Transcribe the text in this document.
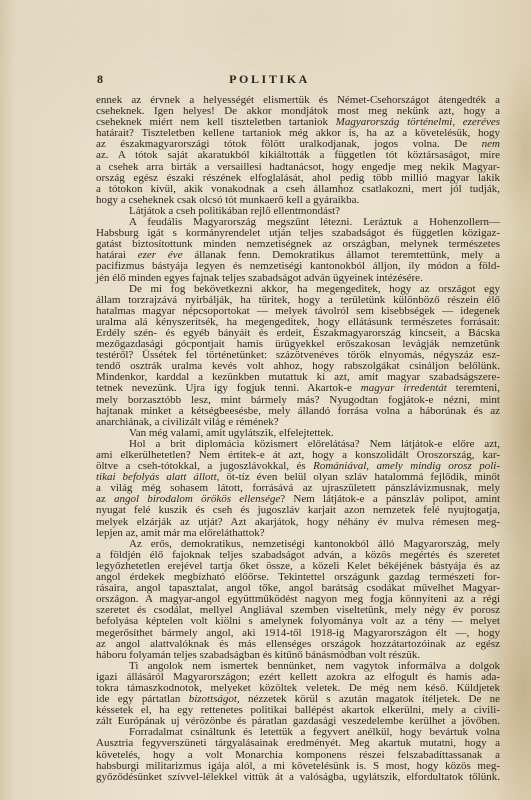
8	POLITIKA
ennek az érvnek a helyességét elismertük és Német-Csehországot átengedték a
cseheknek. Igen helyes! De akkor mondjátok most meg nekünk azt, hogy a
cseheknek miért nem kell tiszteletben tartaniok Magyarország történelmi, ezeréves
határait? Tiszteletben kellene tartaniok még akkor is, ha az a követelésük, hogy
az északmagyarországi tótok fölött uralkodjanak, jogos volna. De nem
az. A tótok saját akaratukból kikiáltották a független tót köztársaságot, mire
a csehek arra birták a versaillesi hadtanácsot, hogy engedje meg nekik Magyar-
ország egész északi részének elfoglalását, ahol pedig több millió magyar lakik
a tótokon kívül, akik vonakodnak a cseh államhoz csatlakozni, mert jól tudják,
hogy a cseheknek csak olcsó tót munkaerő kell a gyáraikba.
Látjátok a cseh politikában rejlő ellentmondást?
A feudális Magyarország megszűnt létezni. Leráztuk a Hohenzollern—
Habsburg igát s kormányrendelet utján teljes szabadságot és független közigaz-
gatást biztosítottunk minden nemzetiségnek az országban, melynek természetes
határai ezer éve állanak fenn. Demokratikus államot teremtettünk, mely a
pacifizmus bástyája legyen és nemzetiségi kantonokból álljon, ily módon a föld-
jén élő minden egyes fajnak teljes szabadságot adván ügyeinek intézésére.
De mi fog bekövetkezni akkor, ha megengeditek, hogy az országot egy
állam torzrajzává nyirbálják, ha tűritek, hogy a területünk különböző részein élő
hatalmas magyar népcsoportokat — melyek távolról sem kisebbségek — idegenek
uralma alá kényszerítsék, ha megengeditek, hogy ellátásunk természetes forrásait:
Erdély szén- és egyéb bányáit és erdeit, Északmagyarország kincseit, a Bácska
mezőgazdasági gócpontjait hamis ürügyekkel erőszakosan levágják nemzetünk
testéről? Üssétek fel történetünket: százötvenéves török elnyomás, négyszáz esz-
tendő osztrák uralma kevés volt ahhoz, hogy rabszolgákat csináljon belőlünk.
Mindenkor, karddal a kezünkben mutattuk ki azt, amit magyar szabadságszere-
tetnek nevezünk. Ujra így fogjuk tenni. Akartok-e magyar irredentát teremteni,
mely borzasztóbb lesz, mint bármely más? Nyugodtan fogjátok-e nézni, mint
hajtanak minket a kétségbeesésbe, mely állandó forrása volna a háborúnak és az
anarchiának, a civilizált világ e rémének?
Van még valami, amit ugylátszik, elfelejtettek.
Hol a brit diplomácia közismert előrelátása? Nem látjátok-e előre azt,
ami elkerülhetetlen? Nem értitek-e át azt, hogy a konszolidált Oroszország, kar-
öltve a cseh-tótokkal, a jugoszlávokkal, és Romániával, amely mindig orosz poli-
tikai befolyás alatt állott, öt-tíz éven belül olyan szláv hatalommá fejlődik, minőt
a világ még sohasem látott, forrásává az ujraszületett pánszlávizmusnak, mely
az angol birodalom örökös ellensége? Nem látjátok-e a pánszláv polipot, amint
nyugat felé kuszik és cseh és jugoszláv karjait azon nemzetek felé nyujtogatja,
melyek elzárják az utját? Azt akarjátok, hogy néhány év mulva rémesen meg-
lepjen az, amit már ma előreláthattok?
Az erős, demokratikus, nemzetiségi kantonokból álló Magyarország, mely
a földjén élő fajoknak teljes szabadságot adván, a közös megértés és szeretet
legyőzhetetlen erejével tartja őket össze, a közeli Kelet békéjének bástyája és az
angol érdekek megbízható előőrse. Tekintettel országunk gazdag természeti for-
rásaira, angol tapasztalat, angol tőke, angol barátság csodákat művelhet Magyar-
országon. A magyar-angol együttműködést nagyon meg fogja könnyíteni az a régi
szeretet és csodálat, mellyel Angliával szemben viseltetünk, mely négy év porosz
befolyása képtelen volt kiölni s amelynek folyománya volt az a tény — melyet
megerősíthet bármely angol, aki 1914-től 1918-ig Magyarországon élt —, hogy
az angol alattvalóknak és más ellenséges országok hozzátartozóinak az egész
háboru folyamán teljes szabadságban és kitűnő bánásmódban volt részük.
Ti angolok nem ismertek bennünket, nem vagytok informálva a dolgok
igazi állásáról Magyarországon; ezért kellett azokra az elfogult és hamis ada-
tokra támaszkodnotok, melyeket közöltek veletek. De még nem késő. Küldjetek
ide egy pártatlan bizottságot, nézzetek körül s azután magatok ítéljetek. De ne
késsetek el, ha egy rettenetes politikai ballépést akartok elkerülni, mely a civili-
zált Európának uj vérözönbe és páratlan gazdasági veszedelembe kerülhet a jövőben.
Forradalmat csináltunk és letettük a fegyvert anélkül, hogy bevártuk volna
Ausztria fegyverszüneti tárgyalásainak eredményét. Meg akartuk mutatni, hogy a
követelés, hogy a volt Monarchia komponens részei felszabadíttassanak a
habsburgi militarizmus igája alól, a mi követelésünk is. S most, hogy közös meg-
győződésünket szívvel-lélekkel vittük át a valóságba, ugylátszik, elfordultatok tőlünk.
